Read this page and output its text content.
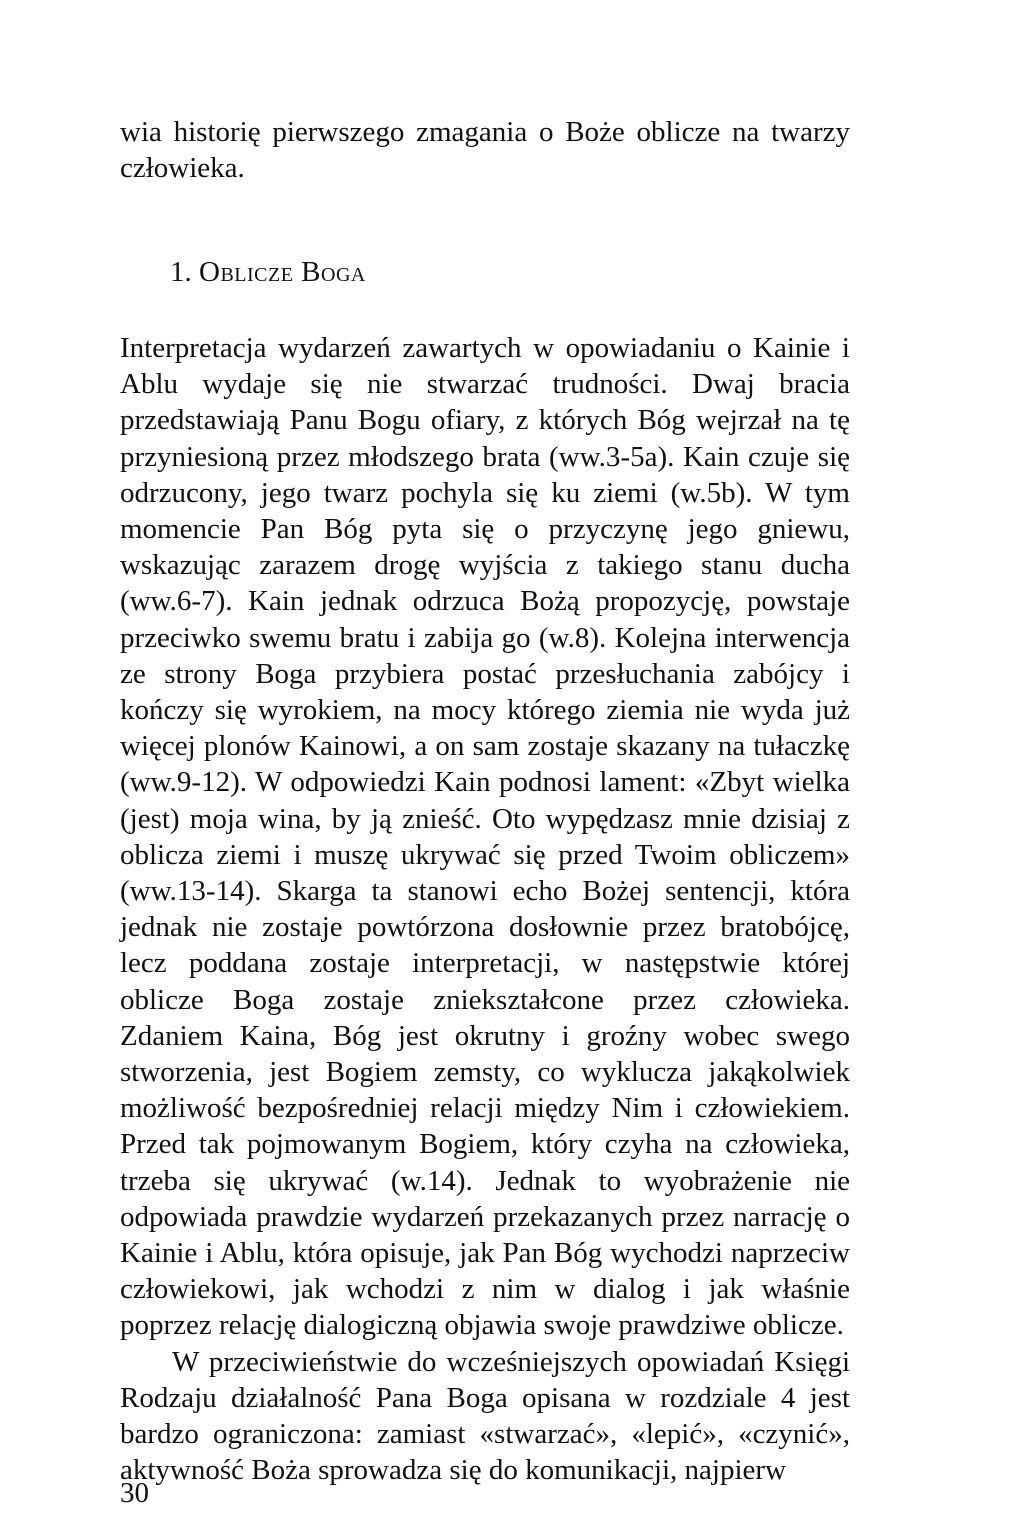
wia historię pierwszego zmagania o Boże oblicze na twarzy człowieka.
1. Oblicze Boga

Interpretacja wydarzeń zawartych w opowiadaniu o Kainie i Ablu wydaje się nie stwarzać trudności. Dwaj bracia przedstawiają Panu Bogu ofiary, z których Bóg wejrzał na tę przyniesioną przez młodszego brata (ww.3-5a). Kain czuje się odrzucony, jego twarz pochyla się ku ziemi (w.5b). W tym momencie Pan Bóg pyta się o przyczynę jego gniewu, wskazując zarazem drogę wyjścia z takiego stanu ducha (ww.6-7). Kain jednak odrzuca Bożą propozycję, powstaje przeciwko swemu bratu i zabija go (w.8). Kolejna interwencja ze strony Boga przybiera postać przesłuchania zabójcy i kończy się wyrokiem, na mocy którego ziemia nie wyda już więcej plonów Kainowi, a on sam zostaje skazany na tułaczkę (ww.9-12). W odpowiedzi Kain podnosi lament: «Zbyt wielka (jest) moja wina, by ją znieść. Oto wypędzasz mnie dzisiaj z oblicza ziemi i muszę ukrywać się przed Twoim obliczem» (ww.13-14). Skarga ta stanowi echo Bożej sentencji, która jednak nie zostaje powtórzona dosłownie przez bratobójcę, lecz poddana zostaje interpretacji, w następstwie której oblicze Boga zostaje zniekształcone przez człowieka. Zdaniem Kaina, Bóg jest okrutny i groźny wobec swego stworzenia, jest Bogiem zemsty, co wyklucza jakąkolwiek możliwość bezpośredniej relacji między Nim i człowiekiem. Przed tak pojmowanym Bogiem, który czyha na człowieka, trzeba się ukrywać (w.14). Jednak to wyobrażenie nie odpowiada prawdzie wydarzeń przekazanych przez narrację o Kainie i Ablu, która opisuje, jak Pan Bóg wychodzi naprzeciw człowiekowi, jak wchodzi z nim w dialog i jak właśnie poprzez relację dialogiczną objawia swoje prawdziwe oblicze.

W przeciwieństwie do wcześniejszych opowiadań Księgi Rodzaju działalność Pana Boga opisana w rozdziale 4 jest bardzo ograniczona: zamiast «stwarzać», «lepić», «czynić», aktywność Boża sprowadza się do komunikacji, najpierw

30
